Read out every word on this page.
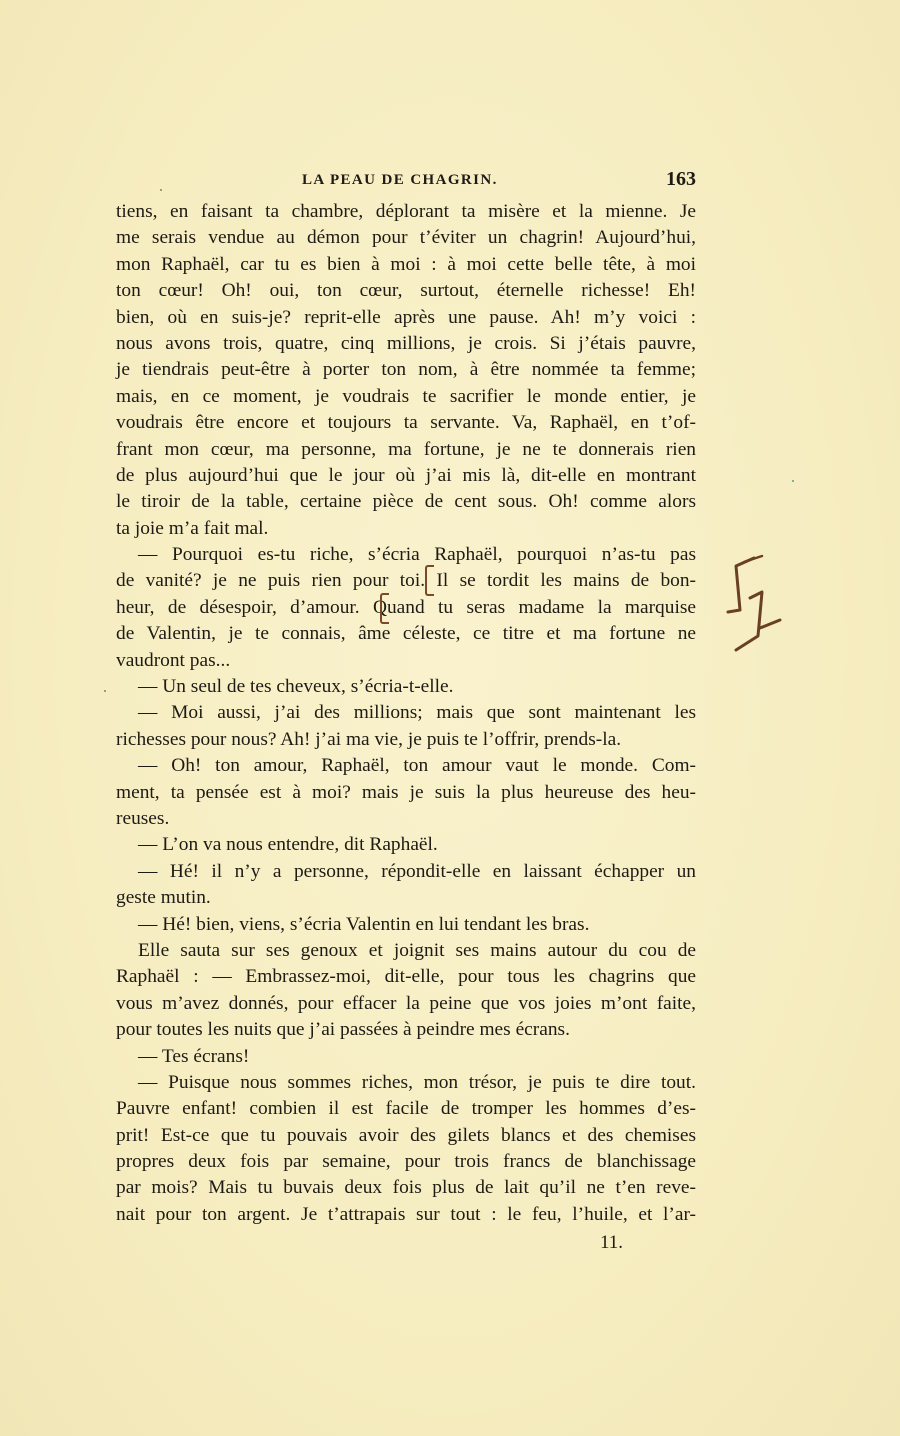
LA PEAU DE CHAGRIN.	163
tiens, en faisant ta chambre, déplorant ta misère et la mienne. Je
me serais vendue au démon pour t’éviter un chagrin! Aujourd’hui,
mon Raphaël, car tu es bien à moi : à moi cette belle tête, à moi
ton cœur! Oh! oui, ton cœur, surtout, éternelle richesse! Eh!
bien, où en suis-je? reprit-elle après une pause. Ah! m’y voici :
nous avons trois, quatre, cinq millions, je crois. Si j’étais pauvre,
je tiendrais peut-être à porter ton nom, à être nommée ta femme;
mais, en ce moment, je voudrais te sacrifier le monde entier, je
voudrais être encore et toujours ta servante. Va, Raphaël, en t’of-
frant mon cœur, ma personne, ma fortune, je ne te donnerais rien
de plus aujourd’hui que le jour où j’ai mis là, dit-elle en montrant
le tiroir de la table, certaine pièce de cent sous. Oh! comme alors
ta joie m’a fait mal.
— Pourquoi es-tu riche, s’écria Raphaël, pourquoi n’as-tu pas
de vanité? je ne puis rien pour toi. Il se tordit les mains de bon-
heur, de désespoir, d’amour. Quand tu seras madame la marquise
de Valentin, je te connais, âme céleste, ce titre et ma fortune ne
vaudront pas...
— Un seul de tes cheveux, s’écria-t-elle.
— Moi aussi, j’ai des millions; mais que sont maintenant les
richesses pour nous? Ah! j’ai ma vie, je puis te l’offrir, prends-la.
— Oh! ton amour, Raphaël, ton amour vaut le monde. Com-
ment, ta pensée est à moi? mais je suis la plus heureuse des heu-
reuses.
— L’on va nous entendre, dit Raphaël.
— Hé! il n’y a personne, répondit-elle en laissant échapper un
geste mutin.
— Hé! bien, viens, s’écria Valentin en lui tendant les bras.
Elle sauta sur ses genoux et joignit ses mains autour du cou de
Raphaël : — Embrassez-moi, dit-elle, pour tous les chagrins que
vous m’avez donnés, pour effacer la peine que vos joies m’ont faite,
pour toutes les nuits que j’ai passées à peindre mes écrans.
— Tes écrans!
— Puisque nous sommes riches, mon trésor, je puis te dire tout.
Pauvre enfant! combien il est facile de tromper les hommes d’es-
prit! Est-ce que tu pouvais avoir des gilets blancs et des chemises
propres deux fois par semaine, pour trois francs de blanchissage
par mois? Mais tu buvais deux fois plus de lait qu’il ne t’en reve-
nait pour ton argent. Je t’attrapais sur tout : le feu, l’huile, et l’ar-
11.
